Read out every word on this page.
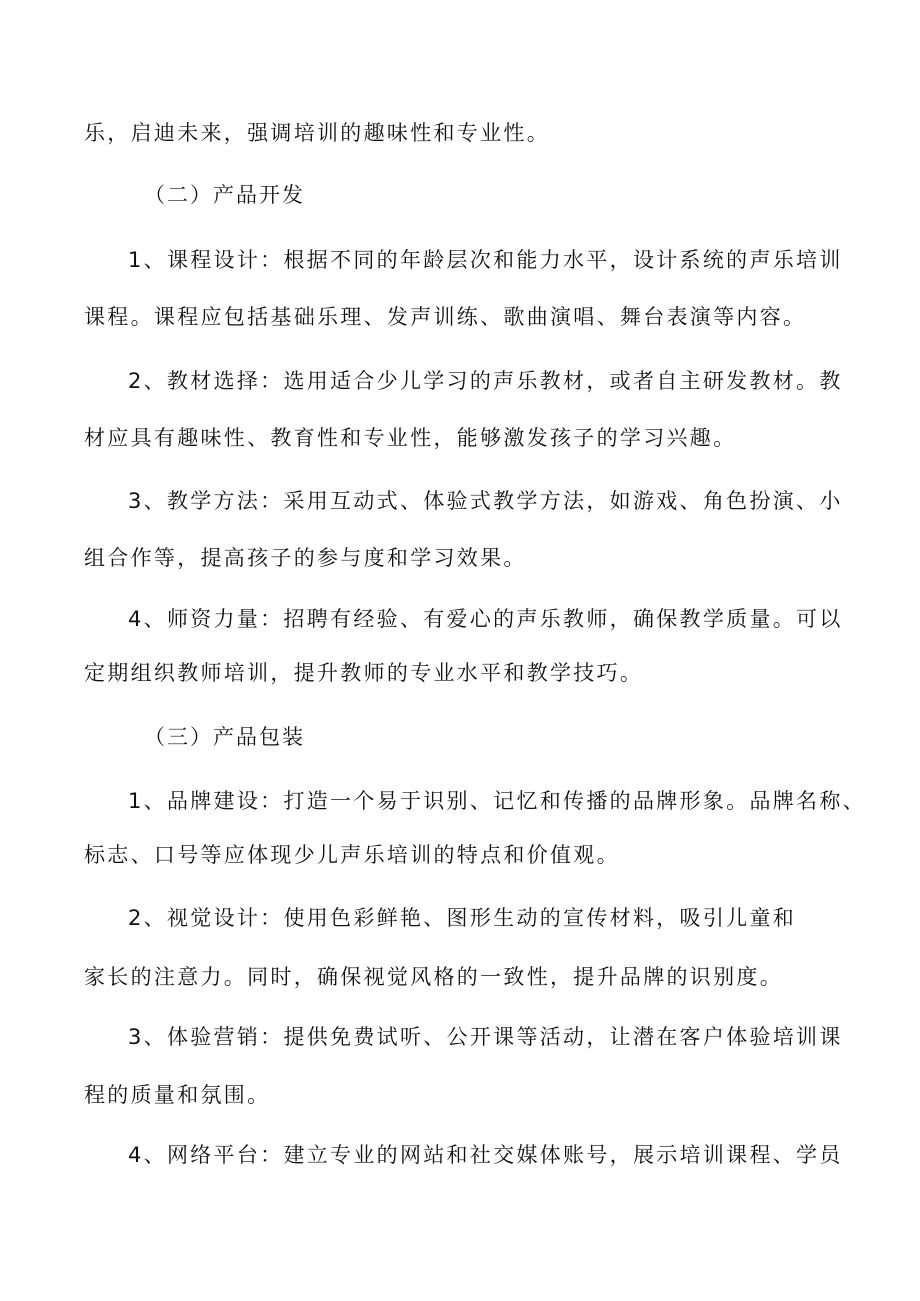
乐，启迪未来，强调培训的趣味性和专业性。

（二）产品开发

1、课程设计：根据不同的年龄层次和能力水平，设计系统的声乐培训

课程。课程应包括基础乐理、发声训练、歌曲演唱、舞台表演等内容。

2、教材选择：选用适合少儿学习的声乐教材，或者自主研发教材。教

材应具有趣味性、教育性和专业性，能够激发孩子的学习兴趣。

3、教学方法：采用互动式、体验式教学方法，如游戏、角色扮演、小

组合作等，提高孩子的参与度和学习效果。

4、师资力量：招聘有经验、有爱心的声乐教师，确保教学质量。可以

定期组织教师培训，提升教师的专业水平和教学技巧。

（三）产品包装

1、品牌建设：打造一个易于识别、记忆和传播的品牌形象。品牌名称、

标志、口号等应体现少儿声乐培训的特点和价值观。

2、视觉设计：使用色彩鲜艳、图形生动的宣传材料，吸引儿童和

家长的注意力。同时，确保视觉风格的一致性，提升品牌的识别度。

3、体验营销：提供免费试听、公开课等活动，让潜在客户体验培训课

程的质量和氛围。

4、网络平台：建立专业的网站和社交媒体账号，展示培训课程、学员
